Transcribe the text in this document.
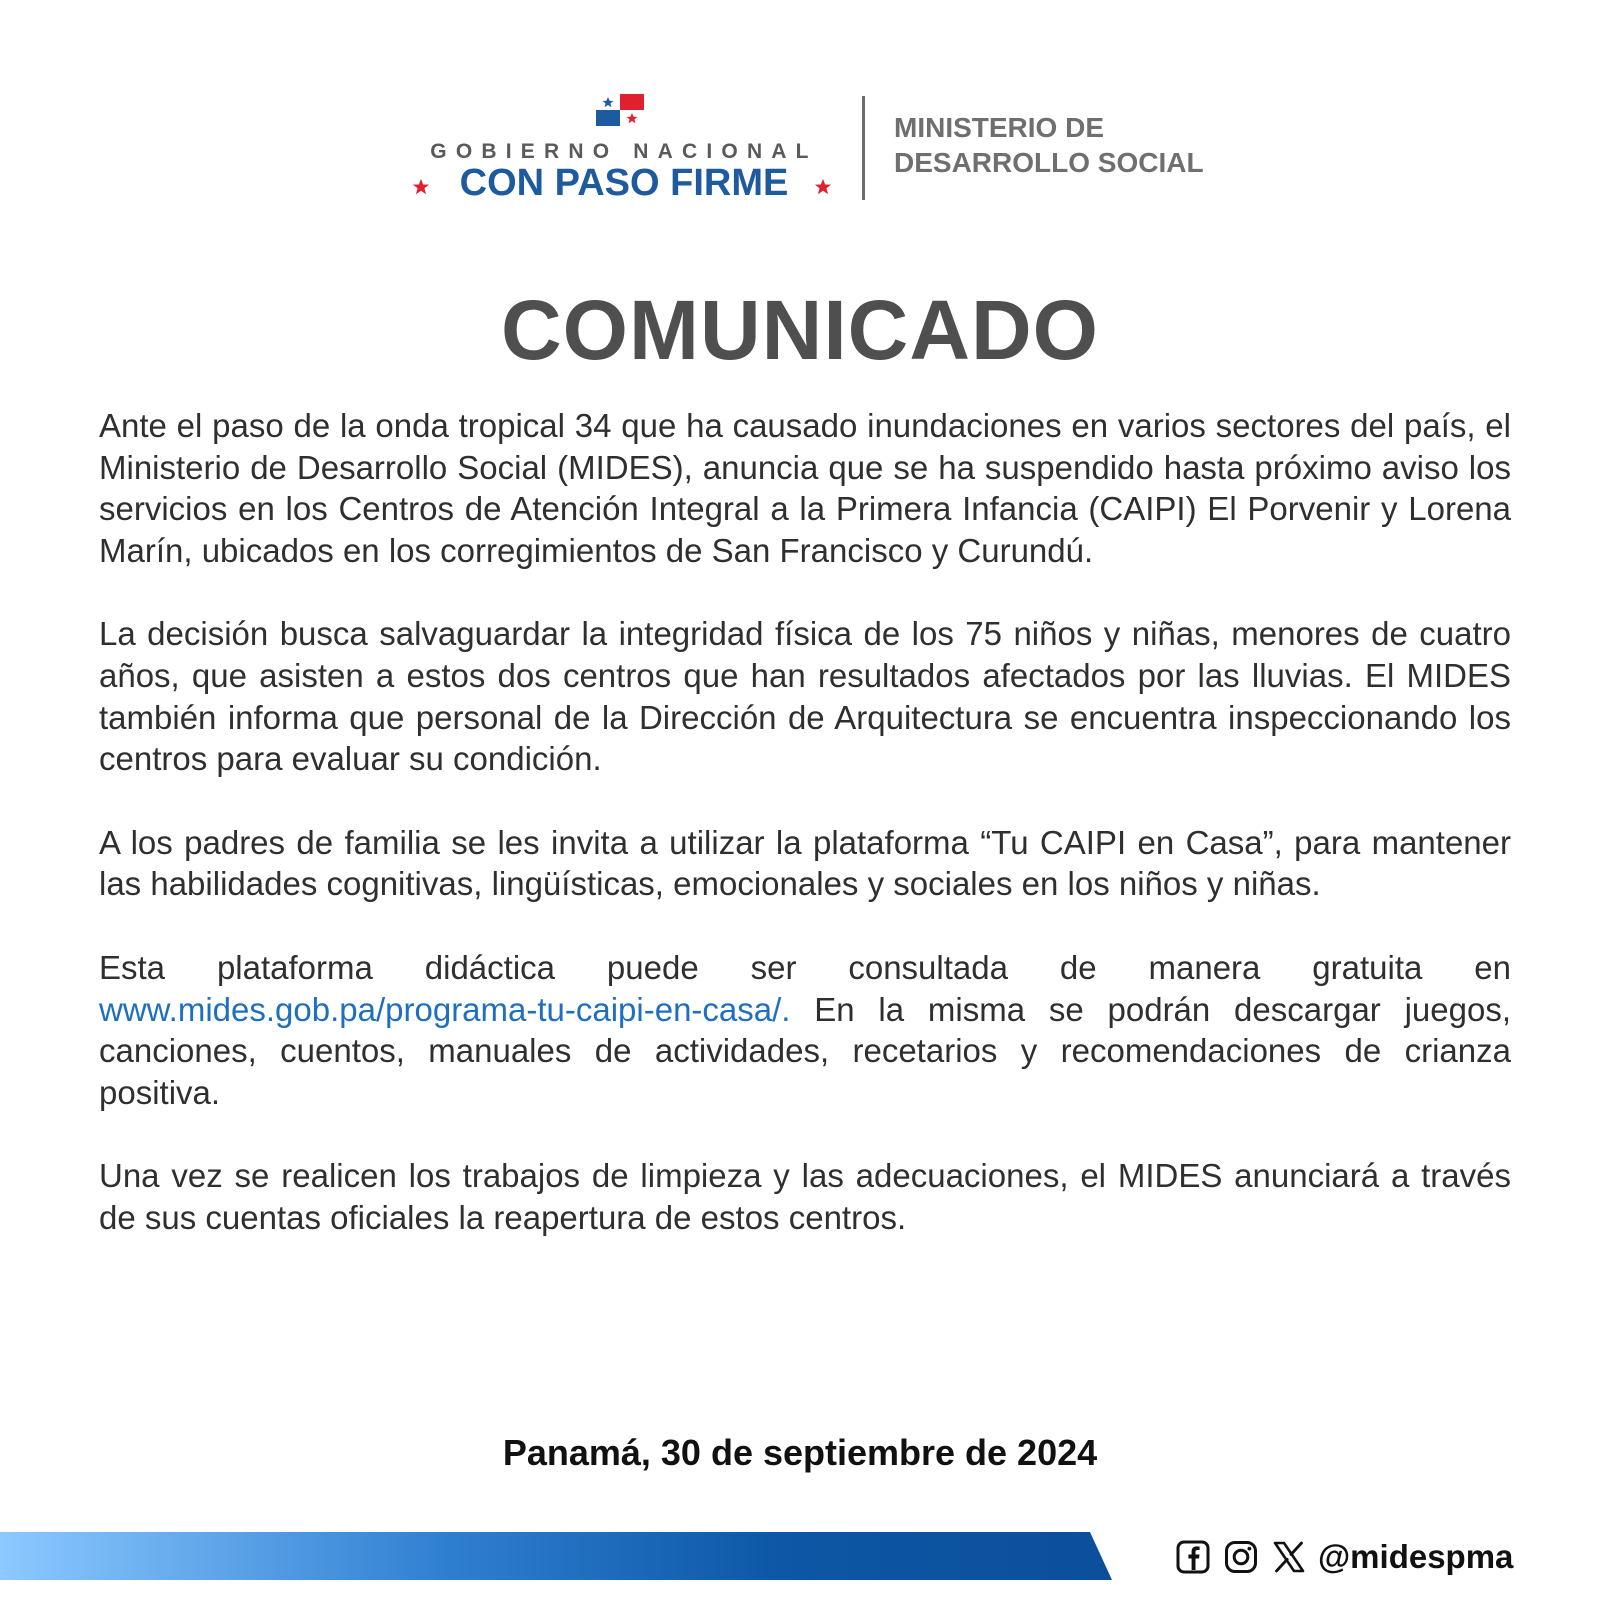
GOBIERNO NACIONAL
CON PASO FIRME
MINISTERIO DE
DESARROLLO SOCIAL
COMUNICADO

Ante el paso de la onda tropical 34 que ha causado inundaciones en varios sectores del país, el Ministerio de Desarrollo Social (MIDES), anuncia que se ha suspendido hasta próximo aviso los servicios en los Centros de Atención Integral a la Primera Infancia (CAIPI) El Porvenir y Lorena Marín, ubicados en los corregimientos de San Francisco y Curundú.

La decisión busca salvaguardar la integridad física de los 75 niños y niñas, menores de cuatro años, que asisten a estos dos centros que han resultados afectados por las lluvias. El MIDES también informa que personal de la Dirección de Arquitectura se encuentra inspeccionando los centros para evaluar su condición.

A los padres de familia se les invita a utilizar la plataforma “Tu CAIPI en Casa”, para mantener las habilidades cognitivas, lingüísticas, emocionales y sociales en los niños y niñas.

Esta plataforma didáctica puede ser consultada de manera gratuita en www.mides.gob.pa/programa-tu-caipi-en-casa/. En la misma se podrán descargar juegos, canciones, cuentos, manuales de actividades, recetarios y recomendaciones de crianza positiva.

Una vez se realicen los trabajos de limpieza y las adecuaciones, el MIDES anunciará a través de sus cuentas oficiales la reapertura de estos centros.

Panamá, 30 de septiembre de 2024
@midespma
